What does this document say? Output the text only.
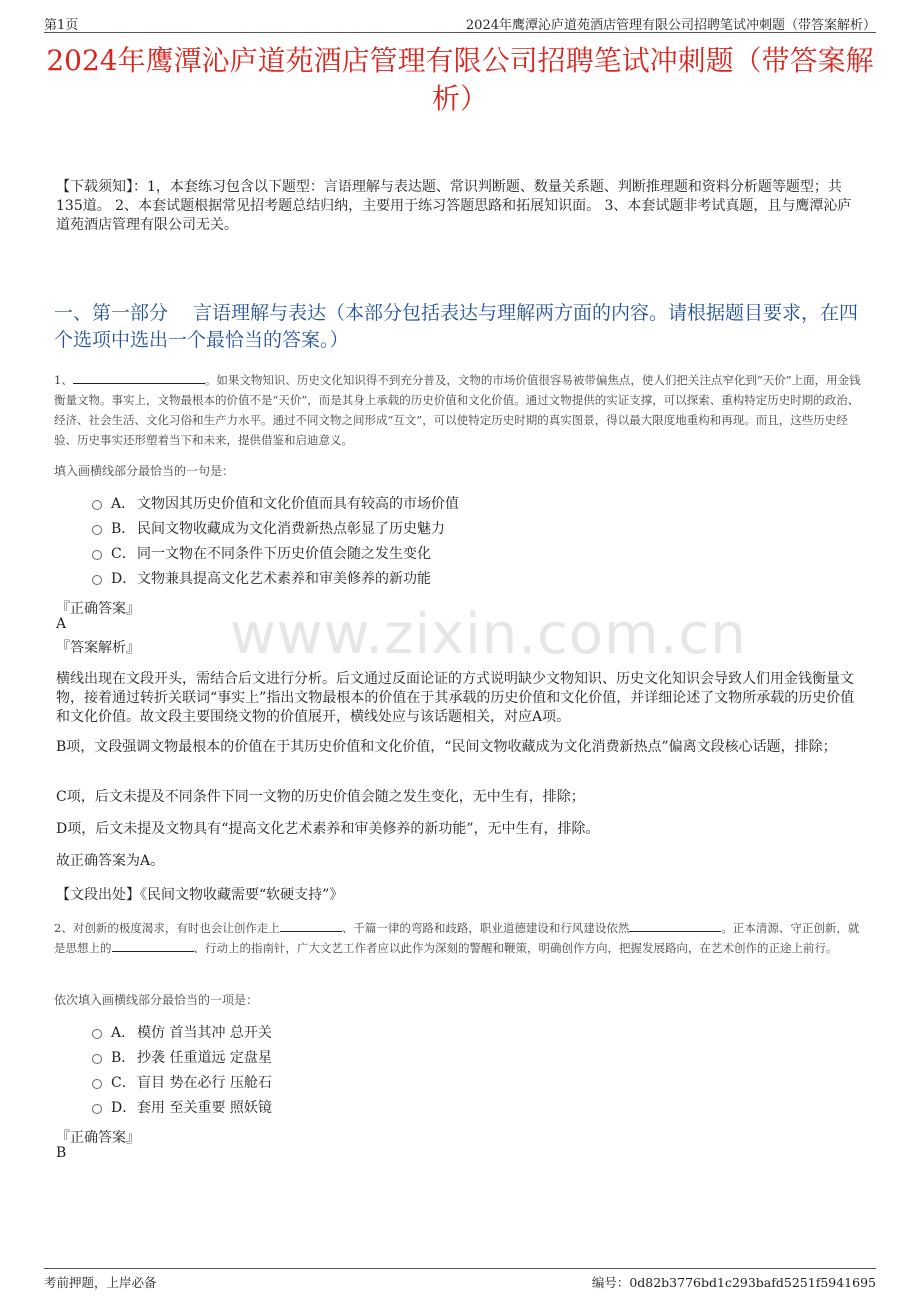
第1页	2024年鹰潭沁庐道苑酒店管理有限公司招聘笔试冲刺题（带答案解析）
2024年鹰潭沁庐道苑酒店管理有限公司招聘笔试冲刺题（带答案解析）
【下载须知】：1，本套练习包含以下题型：言语理解与表达题、常识判断题、数量关系题、判断推理题和资料分析题等题型；共135道。 2、本套试题根据常见招考题总结归纳，主要用于练习答题思路和拓展知识面。 3、本套试题非考试真题，且与鹰潭沁庐道苑酒店管理有限公司无关。
一、第一部分　 言语理解与表达（本部分包括表达与理解两方面的内容。请根据题目要求，在四个选项中选出一个最恰当的答案。）
www.zixin.com.cn
1、	。如果文物知识、历史文化知识得不到充分普及，文物的市场价值很容易被带偏焦点，使人们把关注点窄化到“天价”上面，用金钱衡量文物。事实上，文物最根本的价值不是“天价”，而是其身上承载的历史价值和文化价值。通过文物提供的实证支撑，可以探索、重构特定历史时期的政治、经济、社会生活、文化习俗和生产力水平。通过不同文物之间形成“互文”，可以使特定历史时期的真实图景，得以最大限度地重构和再现。而且，这些历史经验、历史事实还形塑着当下和未来，提供借鉴和启迪意义。
填入画横线部分最恰当的一句是：
A． 文物因其历史价值和文化价值而具有较高的市场价值
B． 民间文物收藏成为文化消费新热点彰显了历史魅力
C． 同一文物在不同条件下历史价值会随之发生变化
D． 文物兼具提高文化艺术素养和审美修养的新功能
『正确答案』
A
『答案解析』
横线出现在文段开头，需结合后文进行分析。后文通过反面论证的方式说明缺少文物知识、历史文化知识会导致人们用金钱衡量文物，接着通过转折关联词“事实上”指出文物最根本的价值在于其承载的历史价值和文化价值，并详细论述了文物所承载的历史价值和文化价值。故文段主要围绕文物的价值展开，横线处应与该话题相关，对应A项。
B项，文段强调文物最根本的价值在于其历史价值和文化价值，“民间文物收藏成为文化消费新热点”偏离文段核心话题，排除；
C项，后文未提及不同条件下同一文物的历史价值会随之发生变化，无中生有，排除；
D项，后文未提及文物具有“提高文化艺术素养和审美修养的新功能”，无中生有，排除。
故正确答案为A。
【文段出处】《民间文物收藏需要“软硬支持”》
2、对创新的极度渴求，有时也会让创作走上	、千篇一律的弯路和歧路，职业道德建设和行风建设依然	。正本清源、守正创新，就是思想上的	、行动上的指南针，广大文艺工作者应以此作为深刻的警醒和鞭策，明确创作方向，把握发展路向，在艺术创作的正途上前行。
依次填入画横线部分最恰当的一项是：
A． 模仿 首当其冲 总开关
B． 抄袭 任重道远 定盘星
C． 盲目 势在必行 压舱石
D． 套用 至关重要 照妖镜
『正确答案』
B
考前押题，上岸必备	编号：0d82b3776bd1c293bafd5251f5941695
